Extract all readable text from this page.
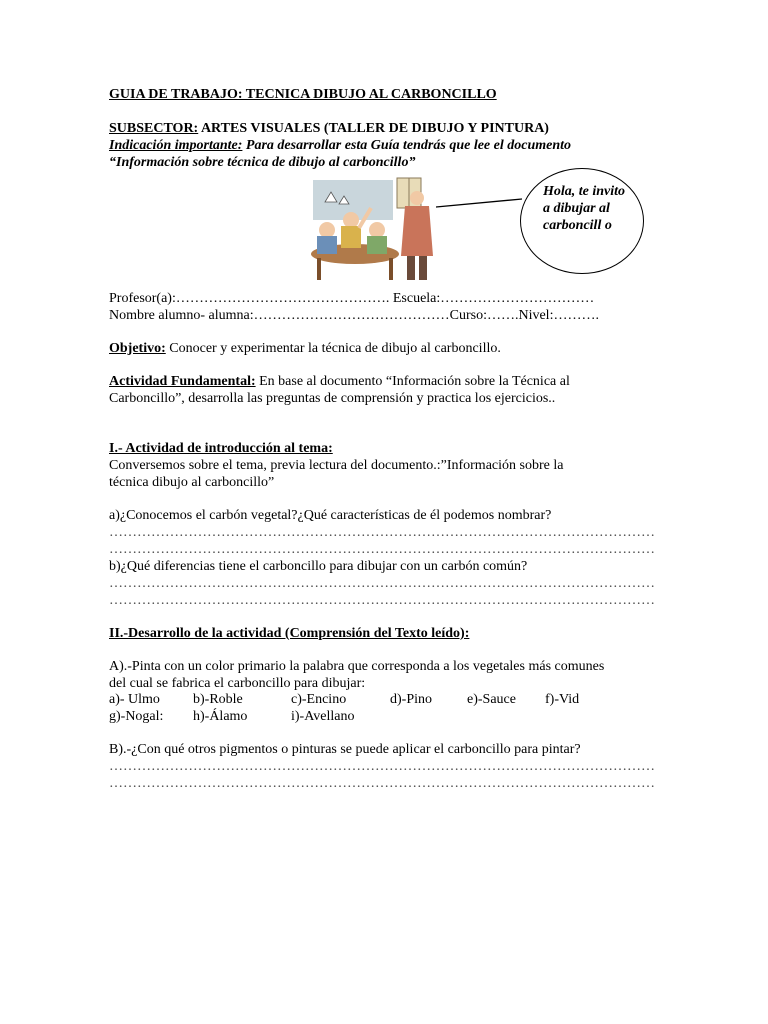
GUIA DE TRABAJO: TECNICA DIBUJO AL CARBONCILLO
SUBSECTOR: ARTES VISUALES (TALLER DE DIBUJO Y PINTURA)
Indicación importante: Para desarrollar esta Guía tendrás que lee el documento
“Información sobre técnica de dibujo al carboncillo”
Hola, te invito a dibujar al carboncill o
Profesor(a):………………………………………. Escuela:……………………………
Nombre alumno- alumna:……………………………………Curso:…….Nivel:……….
Objetivo: Conocer y experimentar la técnica de dibujo al carboncillo.
Actividad Fundamental: En base al documento “Información sobre la Técnica al
Carboncillo”, desarrolla las preguntas de comprensión y practica los ejercicios..
I.- Actividad de introducción al tema:
Conversemos sobre el tema, previa lectura del documento.:”Información sobre la
técnica dibujo al carboncillo”
a)¿Conocemos el carbón vegetal?¿Qué características de él podemos nombrar?
………………………………………………………………………………………………………
………………………………………………………………………………………………………
b)¿Qué diferencias tiene el carboncillo para dibujar con un carbón común?
………………………………………………………………………………………………………
………………………………………………………………………………………………………
II.-Desarrollo de la actividad (Comprensión del Texto leído):
A).-Pinta con un color primario la palabra que corresponda a los vegetales más comunes
del cual se fabrica el carboncillo para dibujar:
a)- Ulmo b)-Roble	c)-Encino	d)-Pino	e)-Sauce f)-Vid
g)-Nogal: h)-Álamo	i)-Avellano
B).-¿Con qué otros pigmentos o pinturas se puede aplicar el carboncillo para pintar?
………………………………………………………………………………………………………
………………………………………………………………………………………………………
